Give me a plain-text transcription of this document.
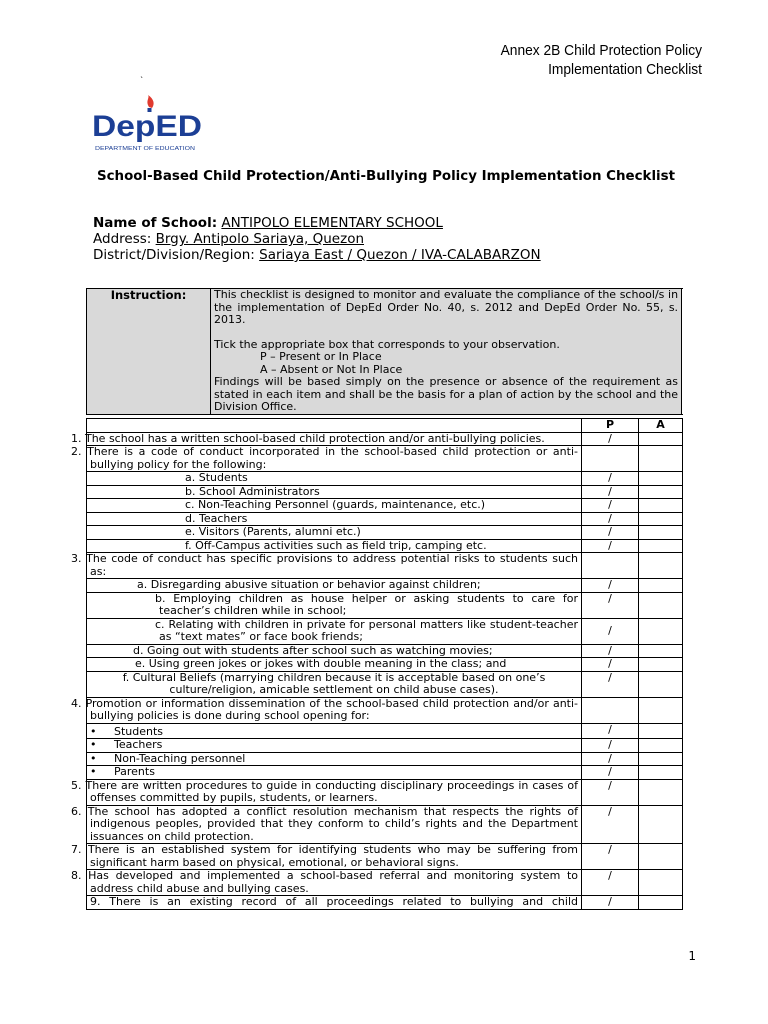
Annex 2B Child Protection Policy
Implementation Checklist
`
DepED
DEPARTMENT OF EDUCATION
School-Based Child Protection/Anti-Bullying Policy Implementation Checklist
Name of School: ANTIPOLO ELEMENTARY SCHOOL
Address: Brgy. Antipolo Sariaya, Quezon
District/Division/Region: Sariaya East / Quezon / IVA-CALABARZON
Instruction:	This checklist is designed to monitor and evaluate the compliance of the school/s in the implementation of DepEd Order No. 40, s. 2012 and DepEd Order No. 55, s. 2013.
Tick the appropriate box that corresponds to your observation.
P – Present or In Place
A – Absent or Not In Place
Findings will be based simply on the presence or absence of the requirement as stated in each item and shall be the basis for a plan of action by the school and the Division Office.
	P	A
1. The school has a written school-based child protection and/or anti-bullying policies.	/	
2. There is a code of conduct incorporated in the school-based child protection or anti-bullying policy for the following:		
a. Students	/	
b. School Administrators	/	
c. Non-Teaching Personnel (guards, maintenance, etc.)	/	
d. Teachers	/	
e. Visitors (Parents, alumni etc.)	/	
f. Off-Campus activities such as field trip, camping etc.	/	
3. The code of conduct has specific provisions to address potential risks to students such as:		
a. Disregarding abusive situation or behavior against children;	/	
b. Employing children as house helper or asking students to care for teacher’s children while in school;	/	
c. Relating with children in private for personal matters like student-teacher as “text mates” or face book friends;	/	
d. Going out with students after school such as watching movies;	/	
e. Using green jokes or jokes with double meaning in the class; and	/	
f. Cultural Beliefs (marrying children because it is acceptable based on one’s culture/religion, amicable settlement on child abuse cases).	/	
4. Promotion or information dissemination of the school-based child protection and/or anti-bullying policies is done during school opening for:		
• Students	/	
• Teachers	/	
• Non-Teaching personnel	/	
• Parents	/	
5. There are written procedures to guide in conducting disciplinary proceedings in cases of offenses committed by pupils, students, or learners.	/	
6. The school has adopted a conflict resolution mechanism that respects the rights of indigenous peoples, provided that they conform to child’s rights and the Department issuances on child protection.	/	
7. There is an established system for identifying students who may be suffering from significant harm based on physical, emotional, or behavioral signs.	/	
8. Has developed and implemented a school-based referral and monitoring system to address child abuse and bullying cases.	/	
9. There is an existing record of all proceedings related to bullying and child	/	
1
